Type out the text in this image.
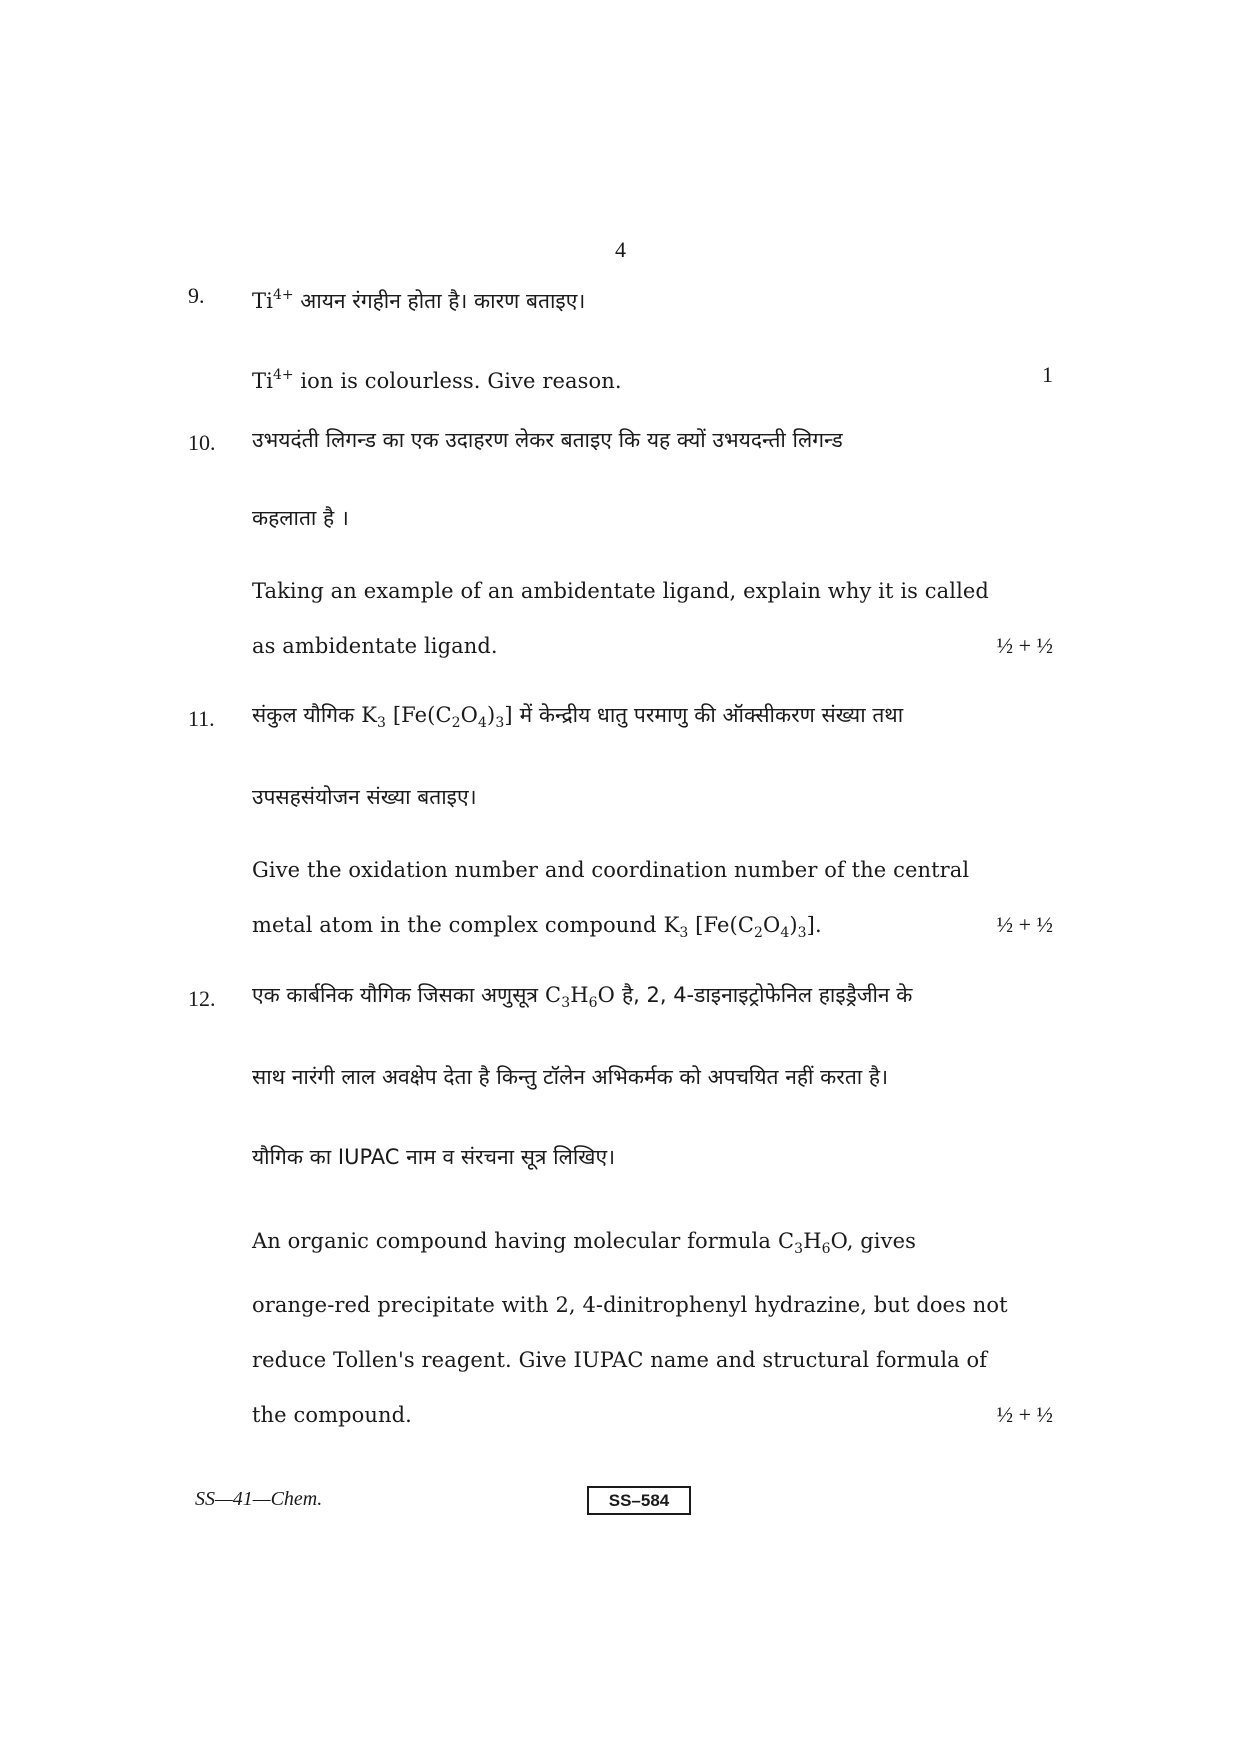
4
9. $Ti^{4+}$ आयन रंगहीन होता है। कारण बताइए।
$Ti^{4+}$ ion is colourless. Give reason.	1
10. उभयदंती लिगन्ड का एक उदाहरण लेकर बताइए कि यह क्यों उभयदन्ती लिगन्ड
कहलाता है ।
Taking an example of an ambidentate ligand, explain why it is called
as ambidentate ligand.	½ + ½
11. संकुल यौगिक $K_3$ $[Fe(C_2O_4)_3]$ में केन्द्रीय धातु परमाणु की ऑक्सीकरण संख्या तथा
उपसहसंयोजन संख्या बताइए।
Give the oxidation number and coordination number of the central
metal atom in the complex compound $K_3$ $[Fe(C_2O_4)_3]$.	½ + ½
12. एक कार्बनिक यौगिक जिसका अणुसूत्र $C_3H_6O$ है, 2, 4-डाइनाइट्रोफेनिल हाइड्रैजीन के
साथ नारंगी लाल अवक्षेप देता है किन्तु टॉलेन अभिकर्मक को अपचयित नहीं करता है।
यौगिक का IUPAC नाम व संरचना सूत्र लिखिए।
An organic compound having molecular formula $C_3H_6O$, gives
orange-red precipitate with 2, 4-dinitrophenyl hydrazine, but does not
reduce Tollen's reagent. Give IUPAC name and structural formula of
the compound.	½ + ½
SS—41—Chem.	SS–584
